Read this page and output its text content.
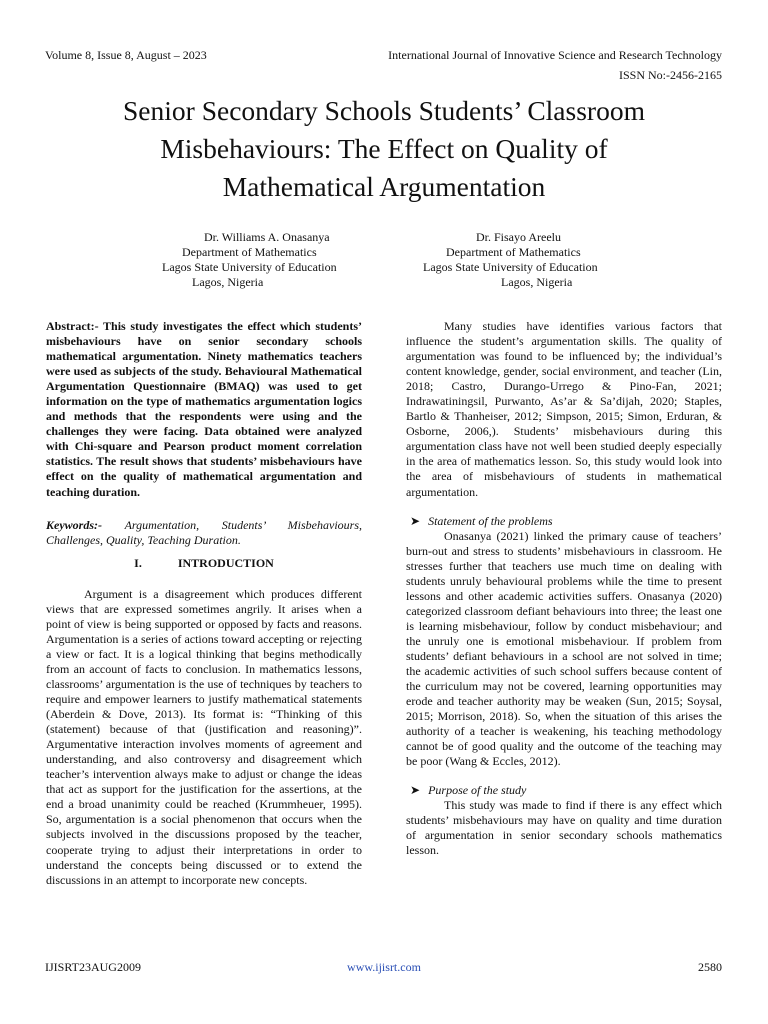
Volume 8, Issue 8, August – 2023	International Journal of Innovative Science and Research Technology
ISSN No:-2456-2165
Senior Secondary Schools Students’ Classroom
Misbehaviours: The Effect on Quality of
Mathematical Argumentation
Dr. Williams A. Onasanya
Department of Mathematics
Lagos State University of Education
Lagos, Nigeria
Dr. Fisayo Areelu
Department of Mathematics
Lagos State University of Education
Lagos, Nigeria

Abstract:- This study investigates the effect which students’ misbehaviours have on senior secondary schools mathematical argumentation. Ninety mathematics teachers were used as subjects of the study. Behavioural Mathematical Argumentation Questionnaire (BMAQ) was used to get information on the type of mathematics argumentation logics and methods that the respondents were using and the challenges they were facing. Data obtained were analyzed with Chi-square and Pearson product moment correlation statistics. The result shows that students’ misbehaviours have effect on the quality of mathematical argumentation and teaching duration.

Keywords:- Argumentation, Students’ Misbehaviours, Challenges, Quality, Teaching Duration.

I.	INTRODUCTION

Argument is a disagreement which produces different views that are expressed sometimes angrily. It arises when a point of view is being supported or opposed by facts and reasons. Argumentation is a series of actions toward accepting or rejecting a view or fact. It is a logical thinking that begins methodically from an account of facts to conclusion. In mathematics lessons, classrooms’ argumentation is the use of techniques by teachers to require and empower learners to justify mathematical statements (Aberdein & Dove, 2013). Its format is: “Thinking of this (statement) because of that (justification and reasoning)”. Argumentative interaction involves moments of agreement and understanding, and also controversy and disagreement which teacher’s intervention always make to adjust or change the ideas that act as support for the justification for the assertions, at the end a broad unanimity could be reached (Krummheuer, 1995). So, argumentation is a social phenomenon that occurs when the subjects involved in the discussions proposed by the teacher, cooperate trying to adjust their interpretations in order to understand the concepts being discussed or to extend the discussions in an attempt to incorporate new concepts.

Many studies have identifies various factors that influence the student’s argumentation skills. The quality of argumentation was found to be influenced by; the individual’s content knowledge, gender, social environment, and teacher (Lin, 2018; Castro, Durango-Urrego & Pino-Fan, 2021; Indrawatiningsil, Purwanto, As’ar & Sa’dijah, 2020; Staples, Bartlo & Thanheiser, 2012; Simpson, 2015; Simon, Erduran, & Osborne, 2006,). Students’ misbehaviours during this argumentation class have not well been studied deeply especially in the area of mathematics lesson. So, this study would look into the area of misbehaviours of students in mathematical argumentation.

➤ Statement of the problems

Onasanya (2021) linked the primary cause of teachers’ burn-out and stress to students’ misbehaviours in classroom. He stresses further that teachers use much time on dealing with students unruly behavioural problems while the time to present lessons and other academic activities suffers. Onasanya (2020) categorized classroom defiant behaviours into three; the least one is learning misbehaviour, follow by conduct misbehaviour; and the unruly one is emotional misbehaviour. If problem from students’ defiant behaviours in a school are not solved in time; the academic activities of such school suffers because content of the curriculum may not be covered, learning opportunities may erode and teacher authority may be weaken (Sun, 2015; Soysal, 2015; Morrison, 2018). So, when the situation of this arises the authority of a teacher is weakening, his teaching methodology cannot be of good quality and the outcome of the teaching may be poor (Wang & Eccles, 2012).

➤ Purpose of the study

This study was made to find if there is any effect which students’ misbehaviours may have on quality and time duration of argumentation in senior secondary schools mathematics lesson.

IJISRT23AUG2009	www.ijisrt.com	2580
